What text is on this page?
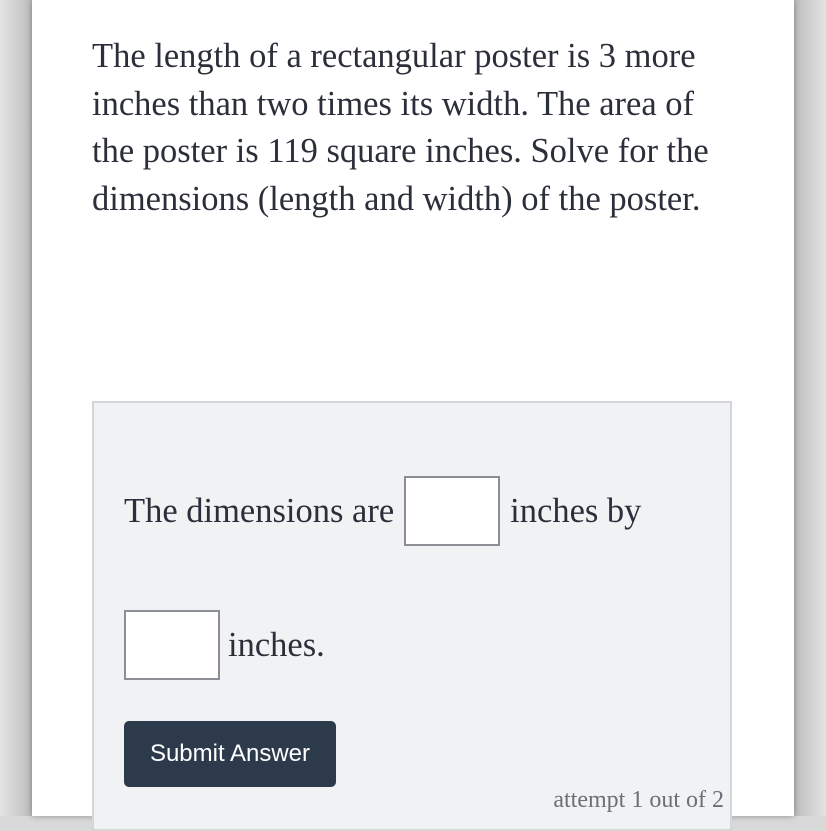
The length of a rectangular poster is 3 more inches than two times its width. The area of the poster is 119 square inches. Solve for the dimensions (length and width) of the poster.

The dimensions are	inches by
inches.
Submit Answer
attempt 1 out of 2
